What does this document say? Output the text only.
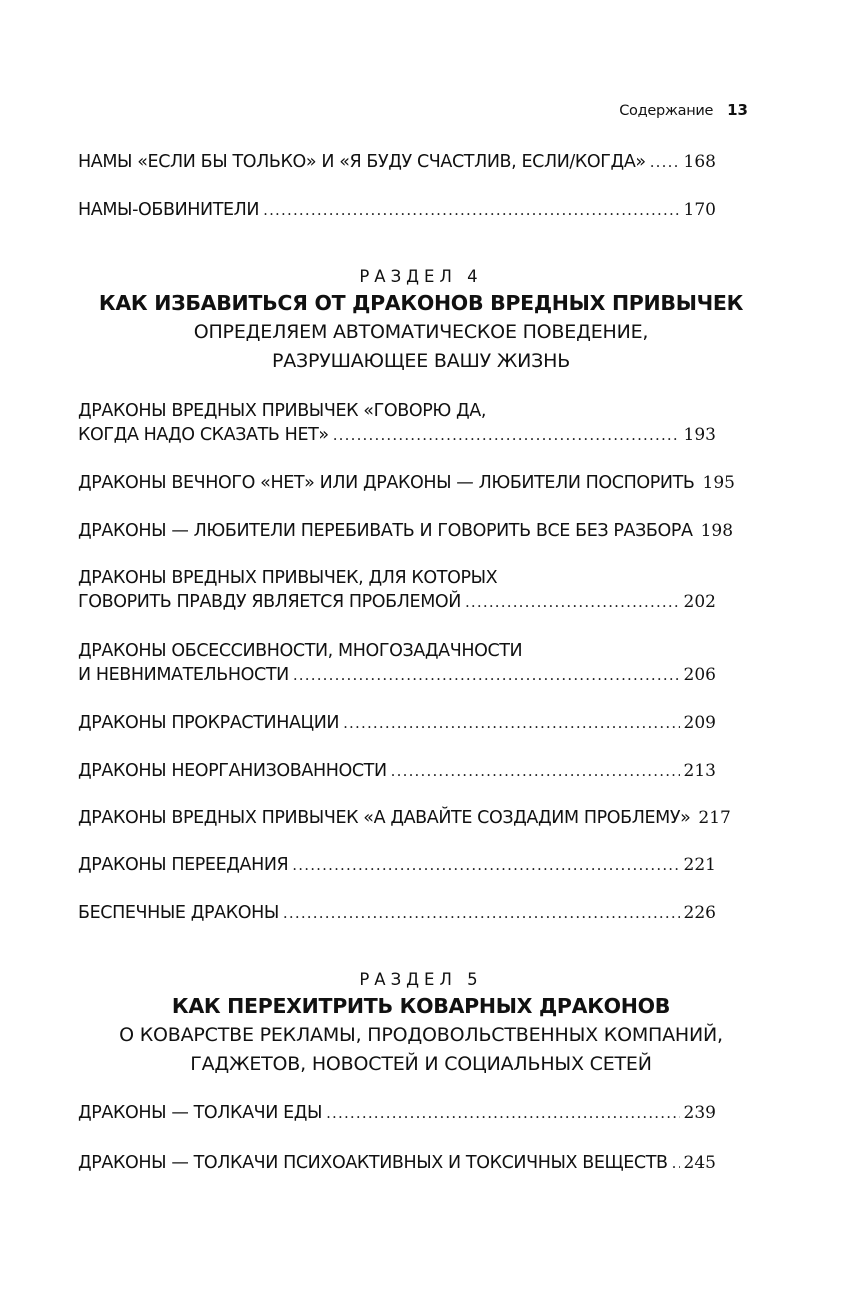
Содержание 13
НАМЫ «ЕСЛИ БЫ ТОЛЬКО» И «Я БУДУ СЧАСТЛИВ, ЕСЛИ/КОГДА» ..... 168
НАМЫ-ОБВИНИТЕЛИ .....	170
РАЗДЕЛ 4
КАК ИЗБАВИТЬСЯ ОТ ДРАКОНОВ ВРЕДНЫХ ПРИВЫЧЕК
ОПРЕДЕЛЯЕМ АВТОМАТИЧЕСКОЕ ПОВЕДЕНИЕ,
РАЗРУШАЮЩЕЕ ВАШУ ЖИЗНЬ
ДРАКОНЫ ВРЕДНЫХ ПРИВЫЧЕК «ГОВОРЮ ДА,
КОГДА НАДО СКАЗАТЬ НЕТ» .....	193
ДРАКОНЫ ВЕЧНОГО «НЕТ» ИЛИ ДРАКОНЫ — ЛЮБИТЕЛИ ПОСПОРИТЬ 195
ДРАКОНЫ — ЛЮБИТЕЛИ ПЕРЕБИВАТЬ И ГОВОРИТЬ ВСЕ БЕЗ РАЗБОРА 198
ДРАКОНЫ ВРЕДНЫХ ПРИВЫЧЕК, ДЛЯ КОТОРЫХ
ГОВОРИТЬ ПРАВДУ ЯВЛЯЕТСЯ ПРОБЛЕМОЙ .....	202
ДРАКОНЫ ОБСЕССИВНОСТИ, МНОГОЗАДАЧНОСТИ
И НЕВНИМАТЕЛЬНОСТИ .....	206
ДРАКОНЫ ПРОКРАСТИНАЦИИ .....	209
ДРАКОНЫ НЕОРГАНИЗОВАННОСТИ .....	213
ДРАКОНЫ ВРЕДНЫХ ПРИВЫЧЕК «А ДАВАЙТЕ СОЗДАДИМ ПРОБЛЕМУ» 217
ДРАКОНЫ ПЕРЕЕДАНИЯ .....	221
БЕСПЕЧНЫЕ ДРАКОНЫ .....	226
РАЗДЕЛ 5
КАК ПЕРЕХИТРИТЬ КОВАРНЫХ ДРАКОНОВ
О КОВАРСТВЕ РЕКЛАМЫ, ПРОДОВОЛЬСТВЕННЫХ КОМПАНИЙ,
ГАДЖЕТОВ, НОВОСТЕЙ И СОЦИАЛЬНЫХ СЕТЕЙ
ДРАКОНЫ — ТОЛКАЧИ ЕДЫ .....	239
ДРАКОНЫ — ТОЛКАЧИ ПСИХОАКТИВНЫХ И ТОКСИЧНЫХ ВЕЩЕСТВ ..... 245
